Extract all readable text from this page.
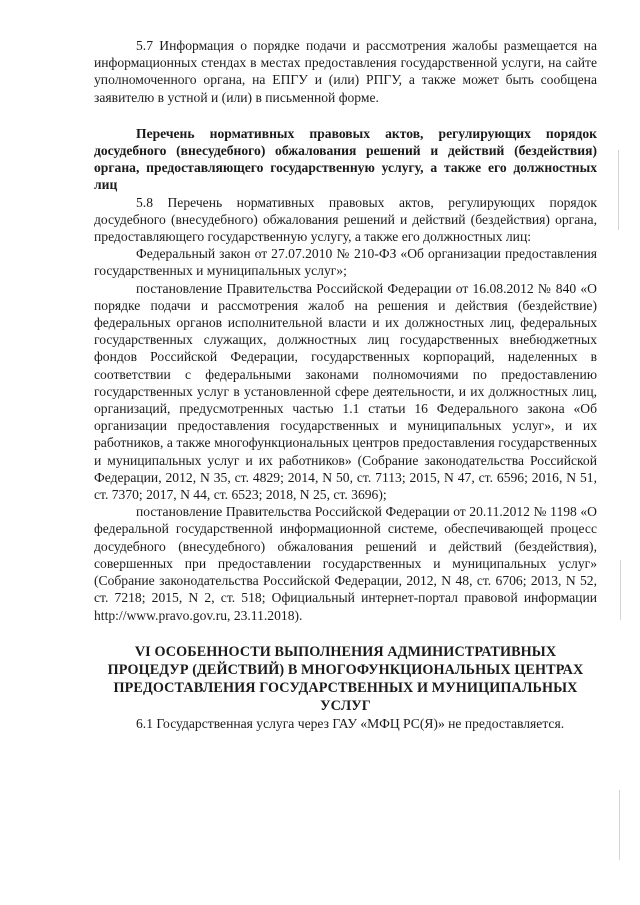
5.7 Информация о порядке подачи и рассмотрения жалобы размещается на информационных стендах в местах предоставления государственной услуги, на сайте уполномоченного органа, на ЕПГУ и (или) РПГУ, а также может быть сообщена заявителю в устной и (или) в письменной форме.

Перечень нормативных правовых актов, регулирующих порядок досудебного (внесудебного) обжалования решений и действий (бездействия) органа, предоставляющего государственную услугу, а также его должностных лиц

5.8 Перечень нормативных правовых актов, регулирующих порядок досудебного (внесудебного) обжалования решений и действий (бездействия) органа, предоставляющего государственную услугу, а также его должностных лиц:

Федеральный закон от 27.07.2010 № 210-ФЗ «Об организации предоставления государственных и муниципальных услуг»;

постановление Правительства Российской Федерации от 16.08.2012 № 840 «О порядке подачи и рассмотрения жалоб на решения и действия (бездействие) федеральных органов исполнительной власти и их должностных лиц, федеральных государственных служащих, должностных лиц государственных внебюджетных фондов Российской Федерации, государственных корпораций, наделенных в соответствии с федеральными законами полномочиями по предоставлению государственных услуг в установленной сфере деятельности, и их должностных лиц, организаций, предусмотренных частью 1.1 статьи 16 Федерального закона «Об организации предоставления государственных и муниципальных услуг», и их работников, а также многофункциональных центров предоставления государственных и муниципальных услуг и их работников» (Собрание законодательства Российской Федерации, 2012, N 35, ст. 4829; 2014, N 50, ст. 7113; 2015, N 47, ст. 6596; 2016, N 51, ст. 7370; 2017, N 44, ст. 6523; 2018, N 25, ст. 3696);

постановление Правительства Российской Федерации от 20.11.2012 № 1198 «О федеральной государственной информационной системе, обеспечивающей процесс досудебного (внесудебного) обжалования решений и действий (бездействия), совершенных при предоставлении государственных и муниципальных услуг» (Собрание законодательства Российской Федерации, 2012, N 48, ст. 6706; 2013, N 52, ст. 7218; 2015, N 2, ст. 518; Официальный интернет-портал правовой информации http://www.pravo.gov.ru, 23.11.2018).

VI ОСОБЕННОСТИ ВЫПОЛНЕНИЯ АДМИНИСТРАТИВНЫХ ПРОЦЕДУР (ДЕЙСТВИЙ) В МНОГОФУНКЦИОНАЛЬНЫХ ЦЕНТРАХ ПРЕДОСТАВЛЕНИЯ ГОСУДАРСТВЕННЫХ И МУНИЦИПАЛЬНЫХ УСЛУГ

6.1 Государственная услуга через ГАУ «МФЦ РС(Я)» не предоставляется.
